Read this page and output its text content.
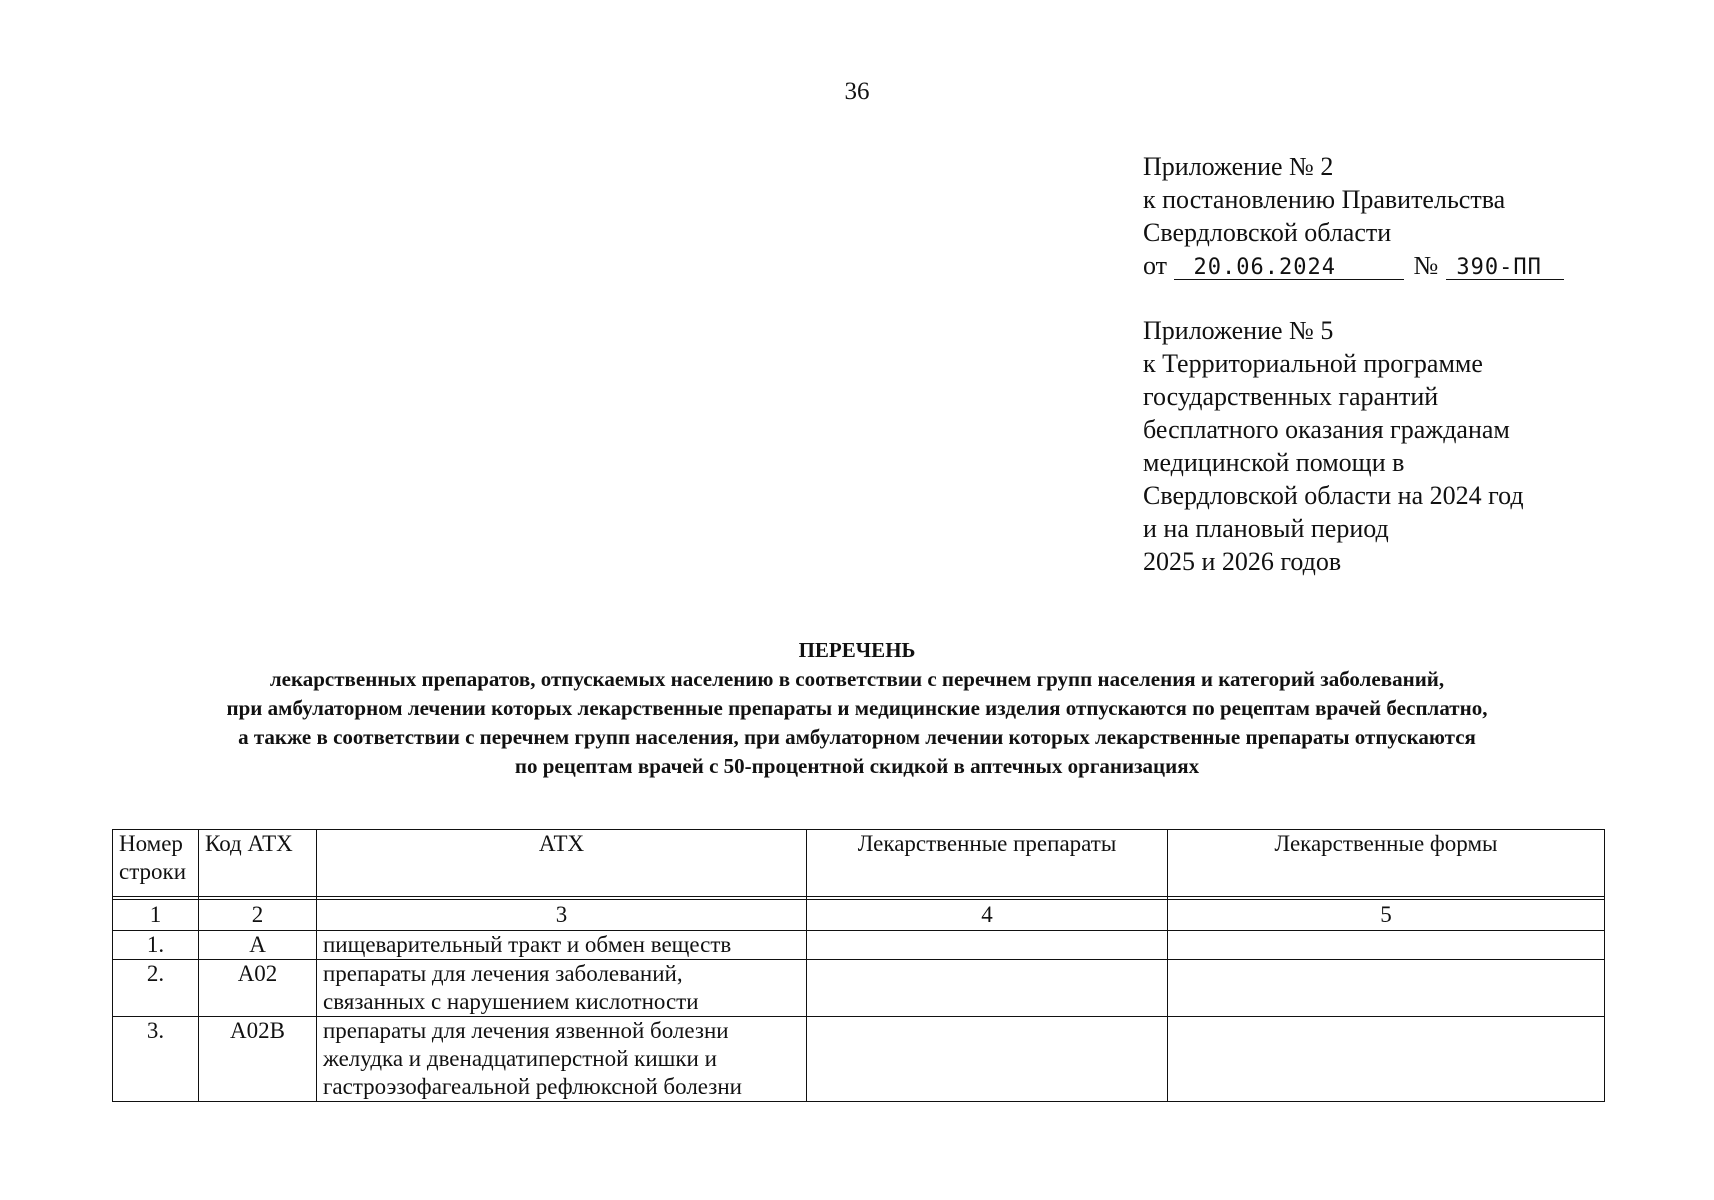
36
Приложение № 2
к постановлению Правительства
Свердловской области
от 20.06.2024	№ 390-ПП
Приложение № 5
к Территориальной программе
государственных гарантий
бесплатного оказания гражданам
медицинской помощи в
Свердловской области на 2024 год
и на плановый период
2025 и 2026 годов
ПЕРЕЧЕНЬ
лекарственных препаратов, отпускаемых населению в соответствии с перечнем групп населения и категорий заболеваний,
при амбулаторном лечении которых лекарственные препараты и медицинские изделия отпускаются по рецептам врачей бесплатно,
а также в соответствии с перечнем групп населения, при амбулаторном лечении которых лекарственные препараты отпускаются
по рецептам врачей с 50-процентной скидкой в аптечных организациях
Номер строки	Код АТХ	АТХ	Лекарственные препараты	Лекарственные формы

1	2	3	4	5
1.	А	пищеварительный тракт и обмен веществ		

2.	А02	препараты для лечения заболеваний,
связанных с нарушением кислотности		

3.	А02В	препараты для лечения язвенной болезни
желудка и двенадцатиперстной кишки и
гастроэзофагеальной рефлюксной болезни		
